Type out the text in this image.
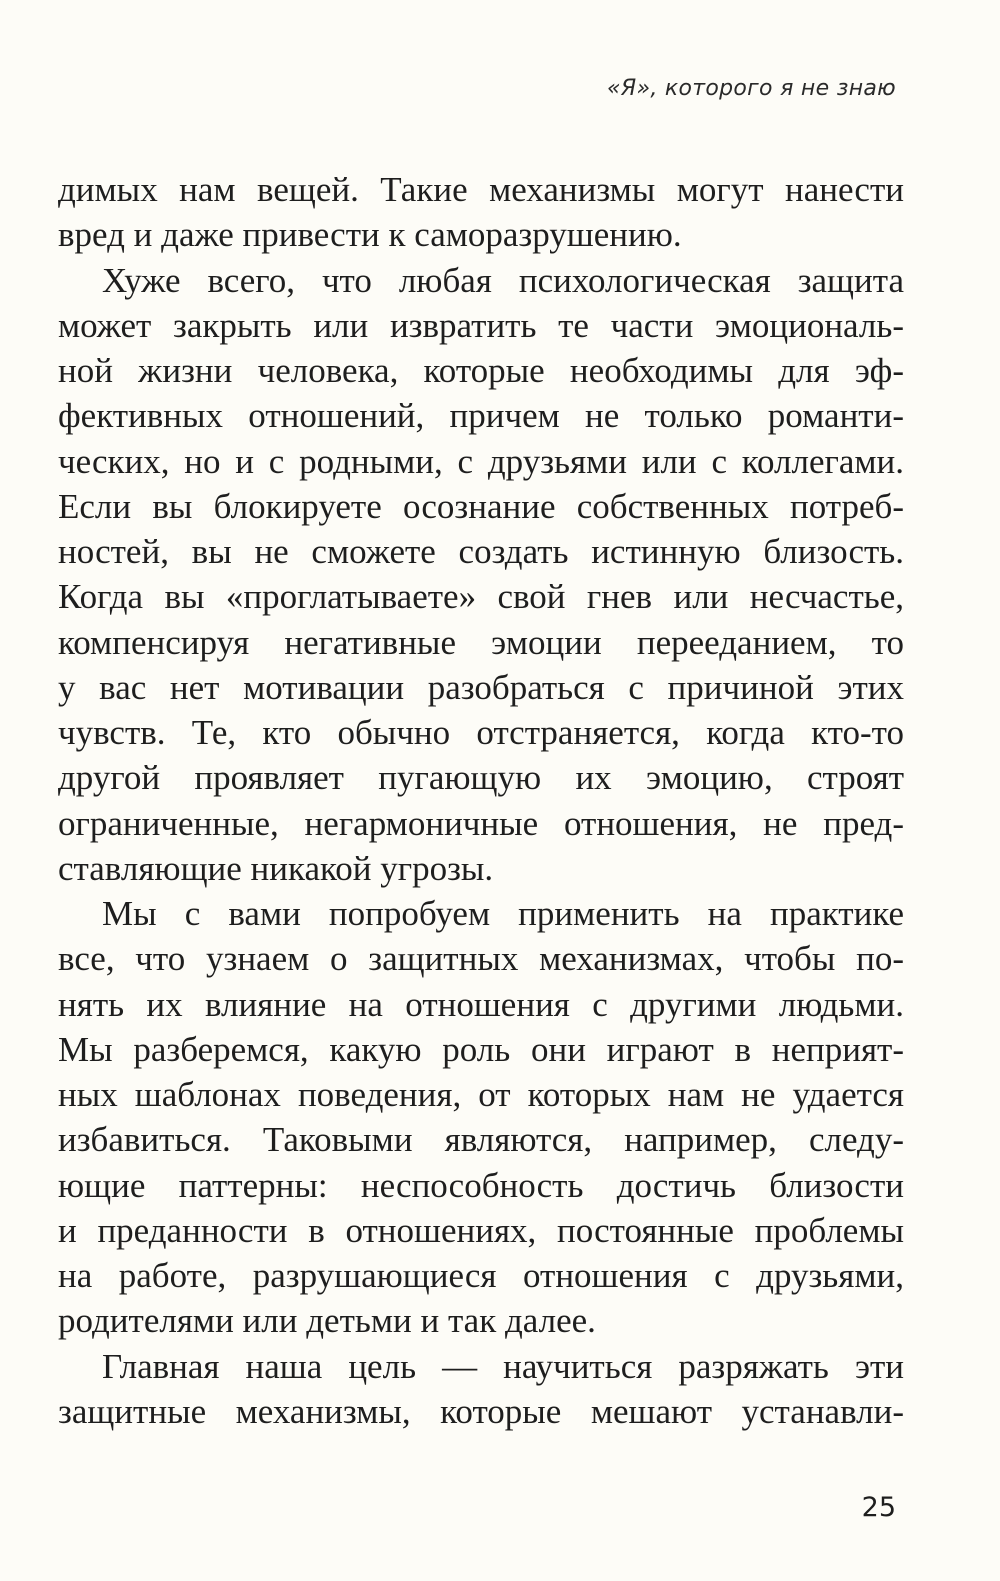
«Я», которого я не знаю
димых нам вещей. Такие механизмы могут нанести
вред и даже привести к саморазрушению.
Хуже всего, что любая психологическая защита
может закрыть или извратить те части эмоциональ-
ной жизни человека, которые необходимы для эф-
фективных отношений, причем не только романти-
ческих, но и с родными, с друзьями или с коллегами.
Если вы блокируете осознание собственных потреб-
ностей, вы не сможете создать истинную близость.
Когда вы «проглатываете» свой гнев или несчастье,
компенсируя негативные эмоции перееданием, то
у вас нет мотивации разобраться с причиной этих
чувств. Те, кто обычно отстраняется, когда кто-то
другой проявляет пугающую их эмоцию, строят
ограниченные, негармоничные отношения, не пред-
ставляющие никакой угрозы.
Мы с вами попробуем применить на практике
все, что узнаем о защитных механизмах, чтобы по-
нять их влияние на отношения с другими людьми.
Мы разберемся, какую роль они играют в неприят-
ных шаблонах поведения, от которых нам не удается
избавиться. Таковыми являются, например, следу-
ющие паттерны: неспособность достичь близости
и преданности в отношениях, постоянные проблемы
на работе, разрушающиеся отношения с друзьями,
родителями или детьми и так далее.
Главная наша цель — научиться разряжать эти
защитные механизмы, которые мешают устанавли-
25
